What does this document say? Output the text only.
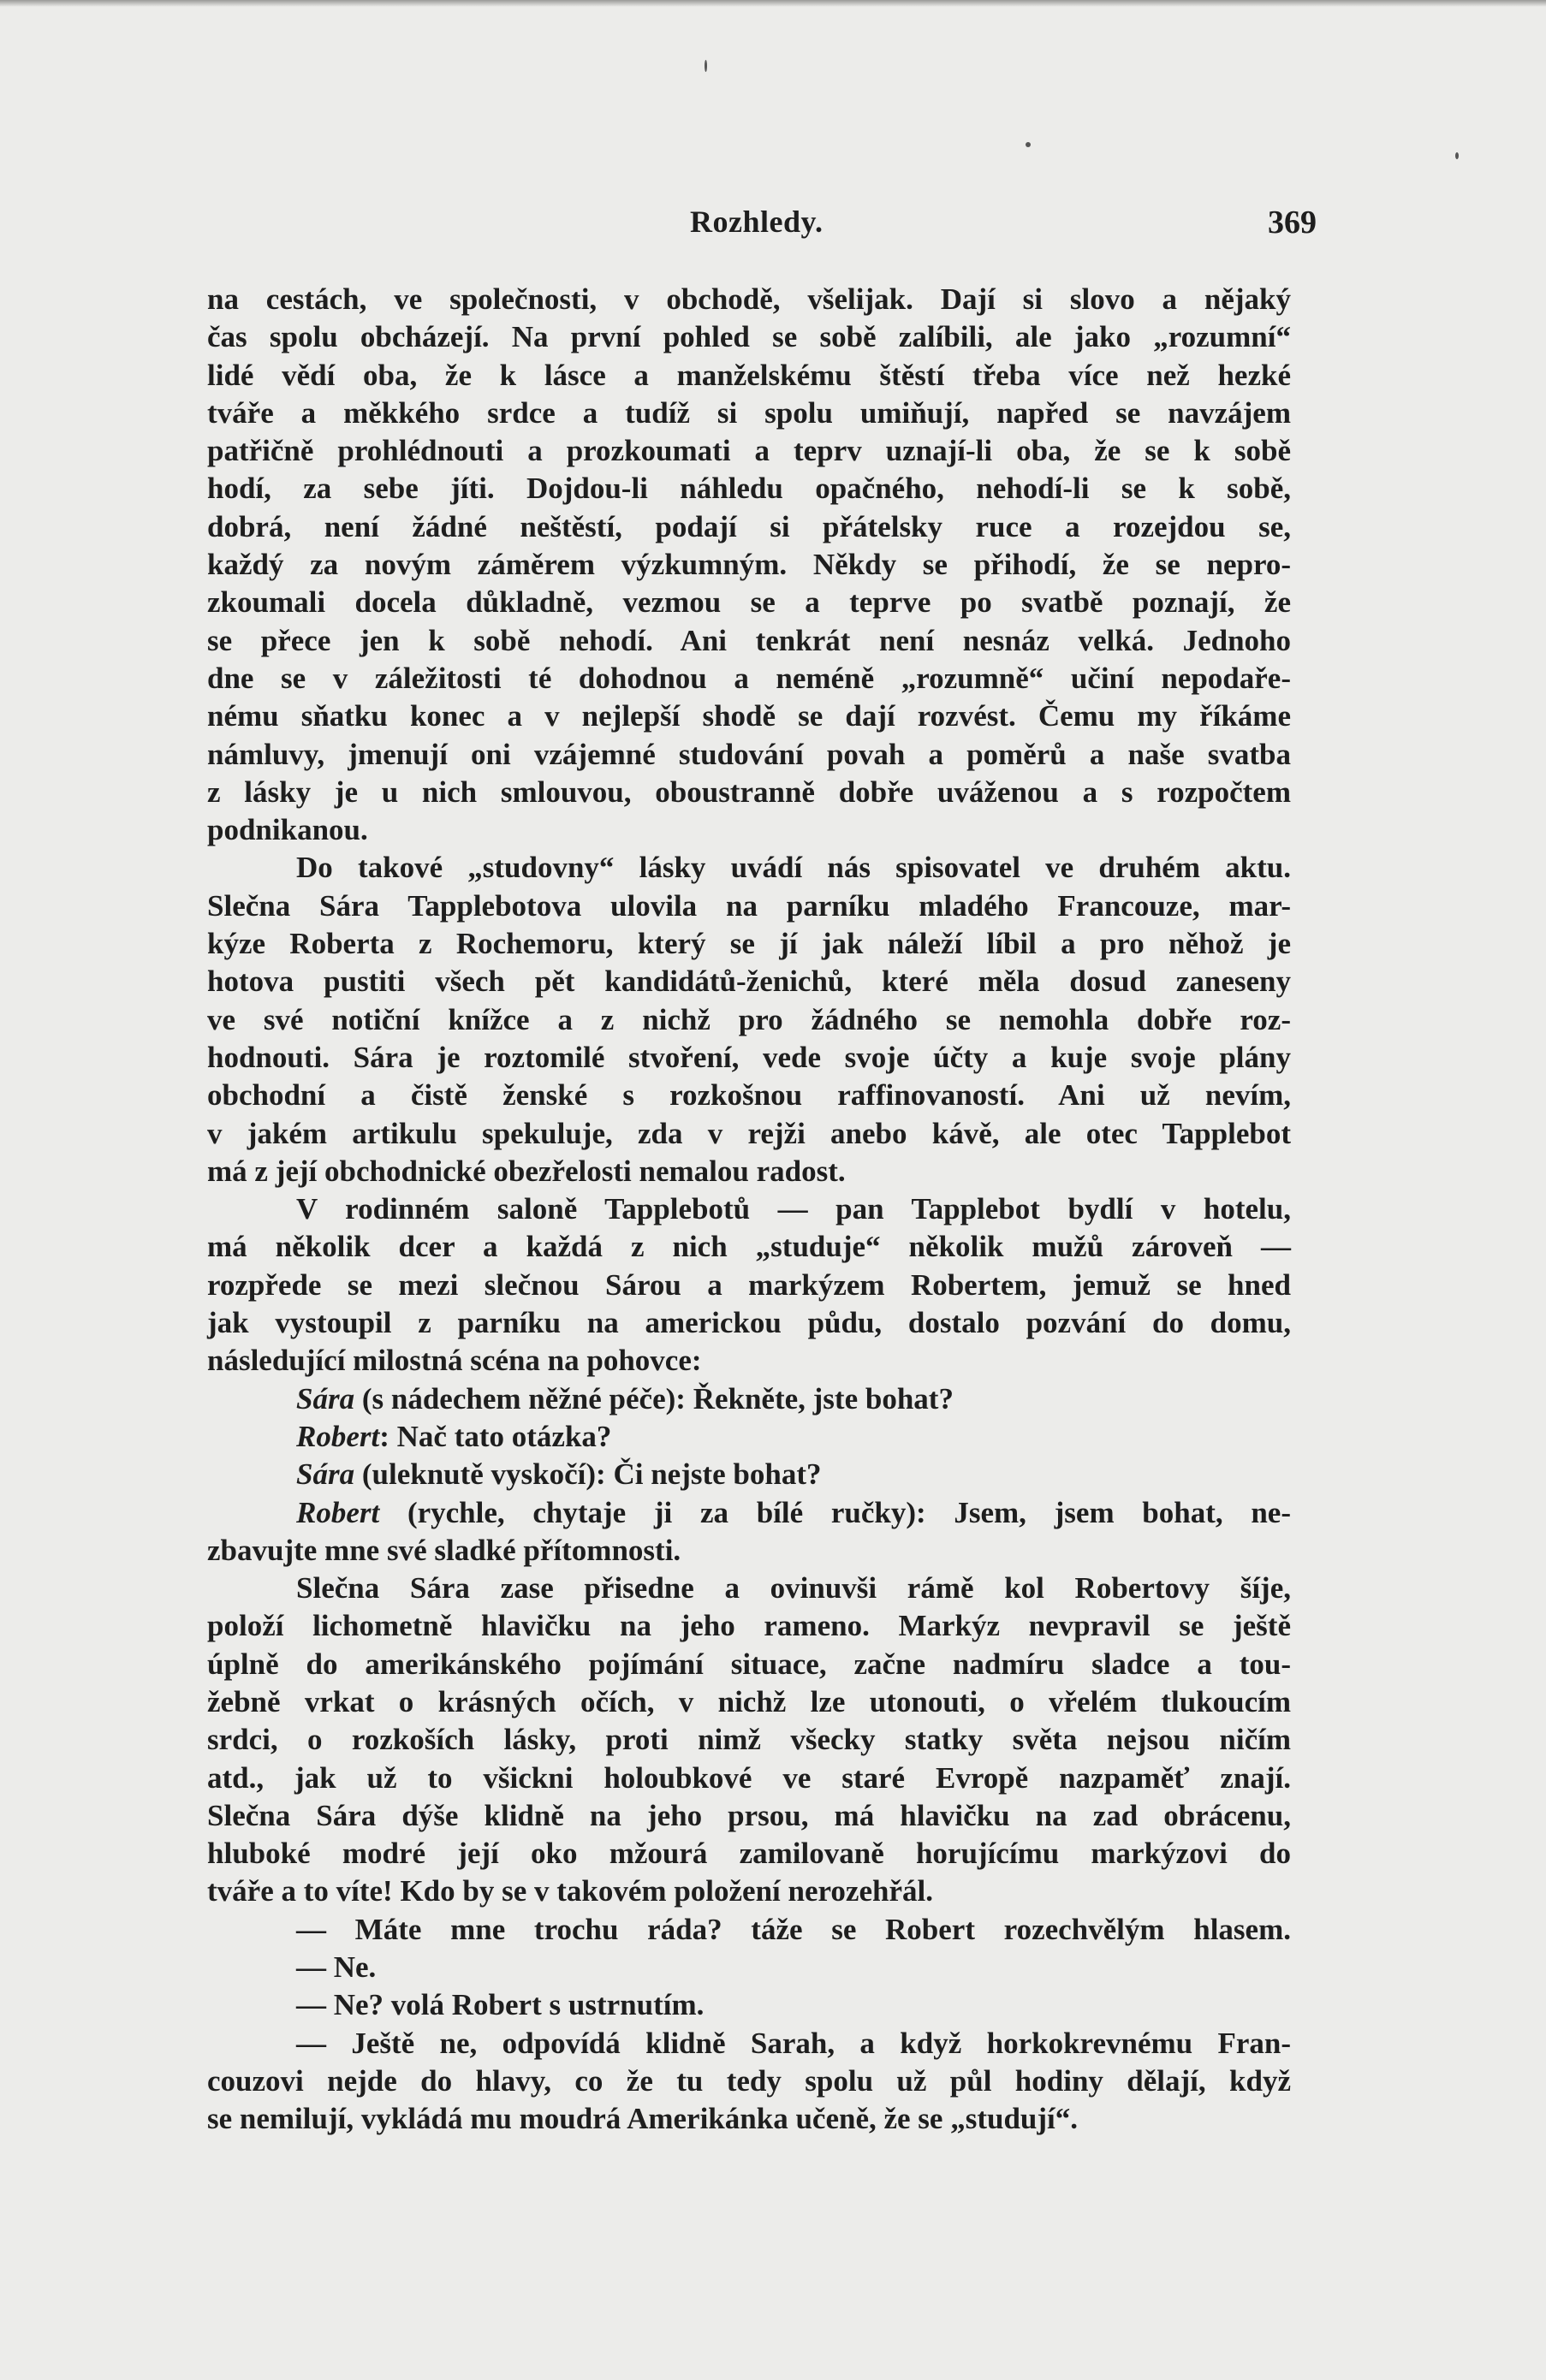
Rozhledy.	369
na cestách, ve společnosti, v obchodě, všelijak. Dají si slovo a nějaký
čas spolu obcházejí. Na první pohled se sobě zalíbili, ale jako „rozumní“
lidé vědí oba, že k lásce a manželskému štěstí třeba více než hezké
tváře a měkkého srdce a tudíž si spolu umiňují, napřed se navzájem
patřičně prohlédnouti a prozkoumati a teprv uznají-li oba, že se k sobě
hodí, za sebe jíti. Dojdou-li náhledu opačného, nehodí-li se k sobě,
dobrá, není žádné neštěstí, podají si přátelsky ruce a rozejdou se,
každý za novým záměrem výzkumným. Někdy se přihodí, že se nepro-
zkoumali docela důkladně, vezmou se a teprve po svatbě poznají, že
se přece jen k sobě nehodí. Ani tenkrát není nesnáz velká. Jednoho
dne se v záležitosti té dohodnou a neméně „rozumně“ učiní nepodaře-
nému sňatku konec a v nejlepší shodě se dají rozvést. Čemu my říkáme
námluvy, jmenují oni vzájemné studování povah a poměrů a naše svatba
z lásky je u nich smlouvou, oboustranně dobře uváženou a s rozpočtem
podnikanou.
Do takové „studovny“ lásky uvádí nás spisovatel ve druhém aktu.
Slečna Sára Tapplebotova ulovila na parníku mladého Francouze, mar-
kýze Roberta z Rochemoru, který se jí jak náleží líbil a pro něhož je
hotova pustiti všech pět kandidátů-ženichů, které měla dosud zaneseny
ve své notiční knížce a z nichž pro žádného se nemohla dobře roz-
hodnouti. Sára je roztomilé stvoření, vede svoje účty a kuje svoje plány
obchodní a čistě ženské s rozkošnou raffinovaností. Ani už nevím,
v jakém artikulu spekuluje, zda v rejži anebo kávě, ale otec Tapplebot
má z její obchodnické obezřelosti nemalou radost.
V rodinném saloně Tapplebotů — pan Tapplebot bydlí v hotelu,
má několik dcer a každá z nich „studuje“ několik mužů zároveň —
rozpřede se mezi slečnou Sárou a markýzem Robertem, jemuž se hned
jak vystoupil z parníku na americkou půdu, dostalo pozvání do domu,
následující milostná scéna na pohovce:
Sára (s nádechem něžné péče): Řekněte, jste bohat?
Robert: Nač tato otázka?
Sára (uleknutě vyskočí): Či nejste bohat?
Robert (rychle, chytaje ji za bílé ručky): Jsem, jsem bohat, ne-
zbavujte mne své sladké přítomnosti.
Slečna Sára zase přisedne a ovinuvši rámě kol Robertovy šíje,
položí lichometně hlavičku na jeho rameno. Markýz nevpravil se ještě
úplně do amerikánského pojímání situace, začne nadmíru sladce a tou-
žebně vrkat o krásných očích, v nichž lze utonouti, o vřelém tlukoucím
srdci, o rozkoších lásky, proti nimž všecky statky světa nejsou ničím
atd., jak už to všickni holoubkové ve staré Evropě nazpaměť znají.
Slečna Sára dýše klidně na jeho prsou, má hlavičku na zad obrácenu,
hluboké modré její oko mžourá zamilovaně horujícímu markýzovi do
tváře a to víte! Kdo by se v takovém položení nerozehřál.
— Máte mne trochu ráda? táže se Robert rozechvělým hlasem.
— Ne.
— Ne? volá Robert s ustrnutím.
— Ještě ne, odpovídá klidně Sarah, a když horkokrevnému Fran-
couzovi nejde do hlavy, co že tu tedy spolu už půl hodiny dělají, když
se nemilují, vykládá mu moudrá Amerikánka učeně, že se „studují“.
